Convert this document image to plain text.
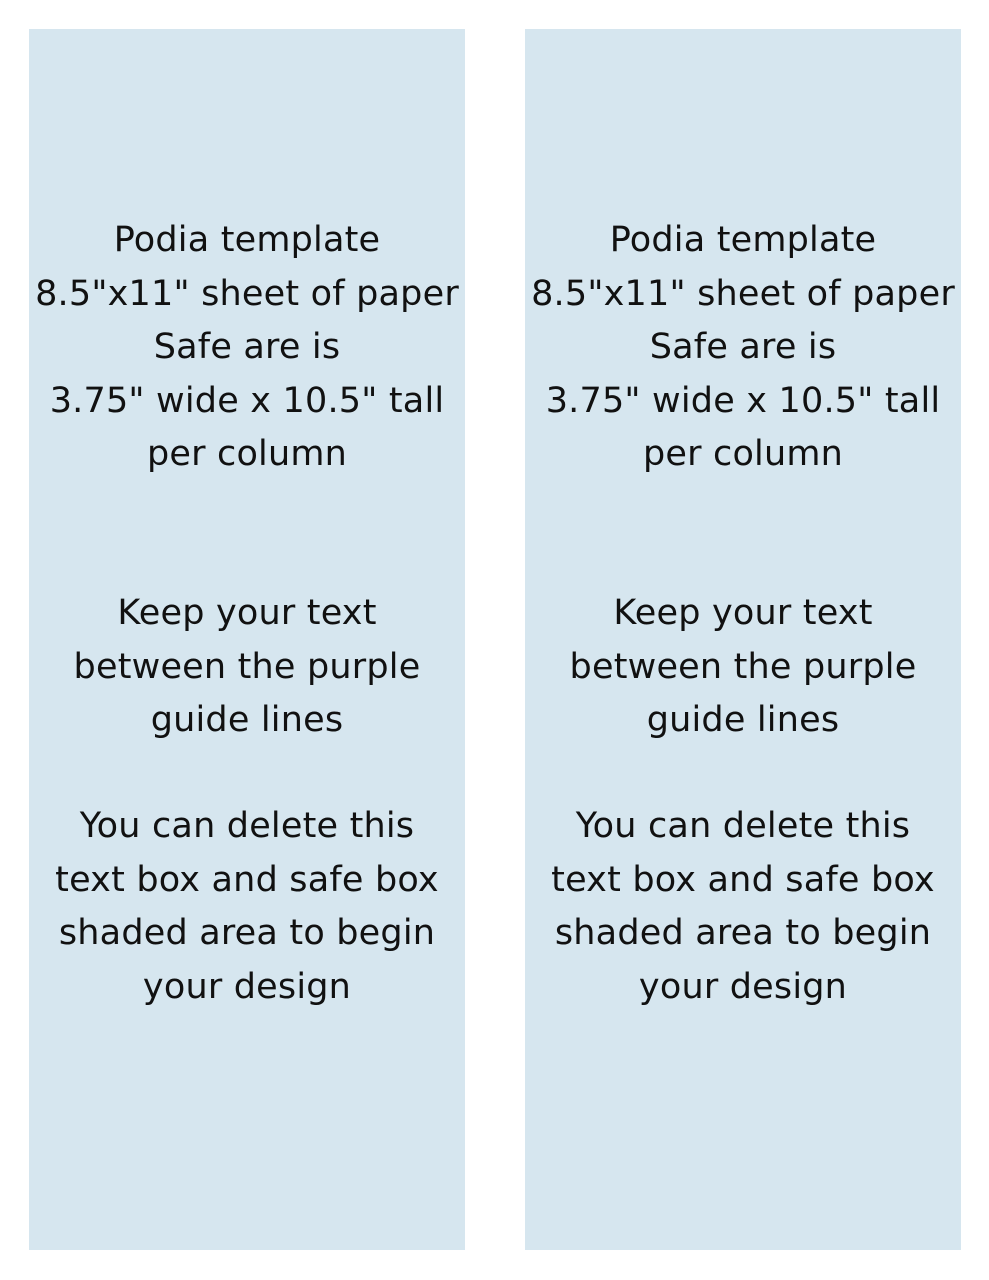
Podia template
8.5"x11" sheet of paper
Safe are is
3.75" wide x 10.5" tall
per column
Keep your text
between the purple
guide lines
You can delete this
text box and safe box
shaded area to begin
your design
Podia template
8.5"x11" sheet of paper
Safe are is
3.75" wide x 10.5" tall
per column
Keep your text
between the purple
guide lines
You can delete this
text box and safe box
shaded area to begin
your design
